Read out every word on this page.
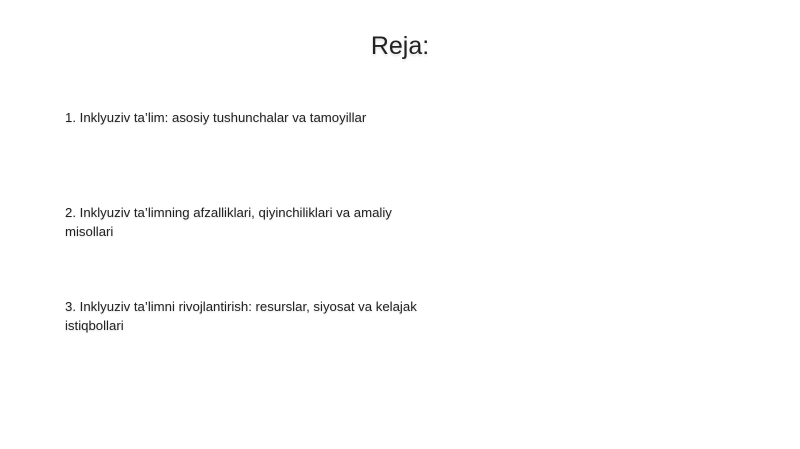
Reja:
1. Inklyuziv ta’lim: asosiy tushunchalar va tamoyillar
2. Inklyuziv ta’limning afzalliklari, qiyinchiliklari va amaliy misollari
3. Inklyuziv ta’limni rivojlantirish: resurslar, siyosat va kelajak istiqbollari
